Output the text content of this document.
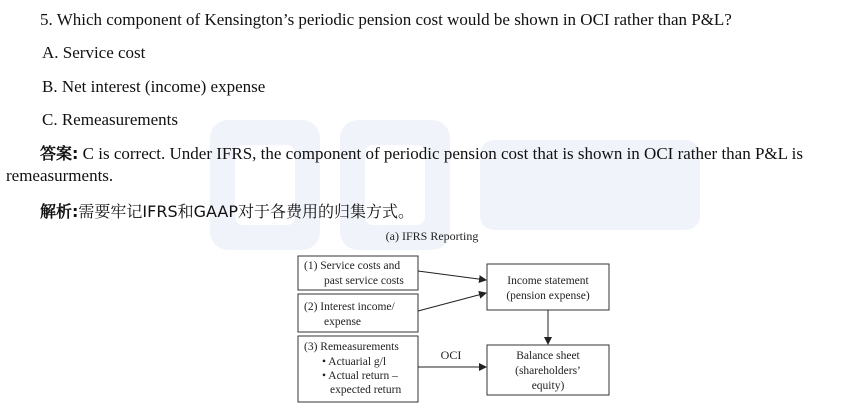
5. Which component of Kensington’s periodic pension cost would be shown in OCI rather than P&L?
A. Service cost
B. Net interest (income) expense
C. Remeasurements
答案: C is correct. Under IFRS, the component of periodic pension cost that is shown in OCI rather than P&L is remeasurments.
解析:需要牢记IFRS和GAAP对于各费用的归集方式。
(a) IFRS Reporting
(1) Service costs and
past service costs
(2) Interest income/
expense
(3) Remeasurements
• Actuarial g/l
• Actual return –
expected return
Income statement
(pension expense)
Balance sheet
(shareholders’
equity)
OCI
